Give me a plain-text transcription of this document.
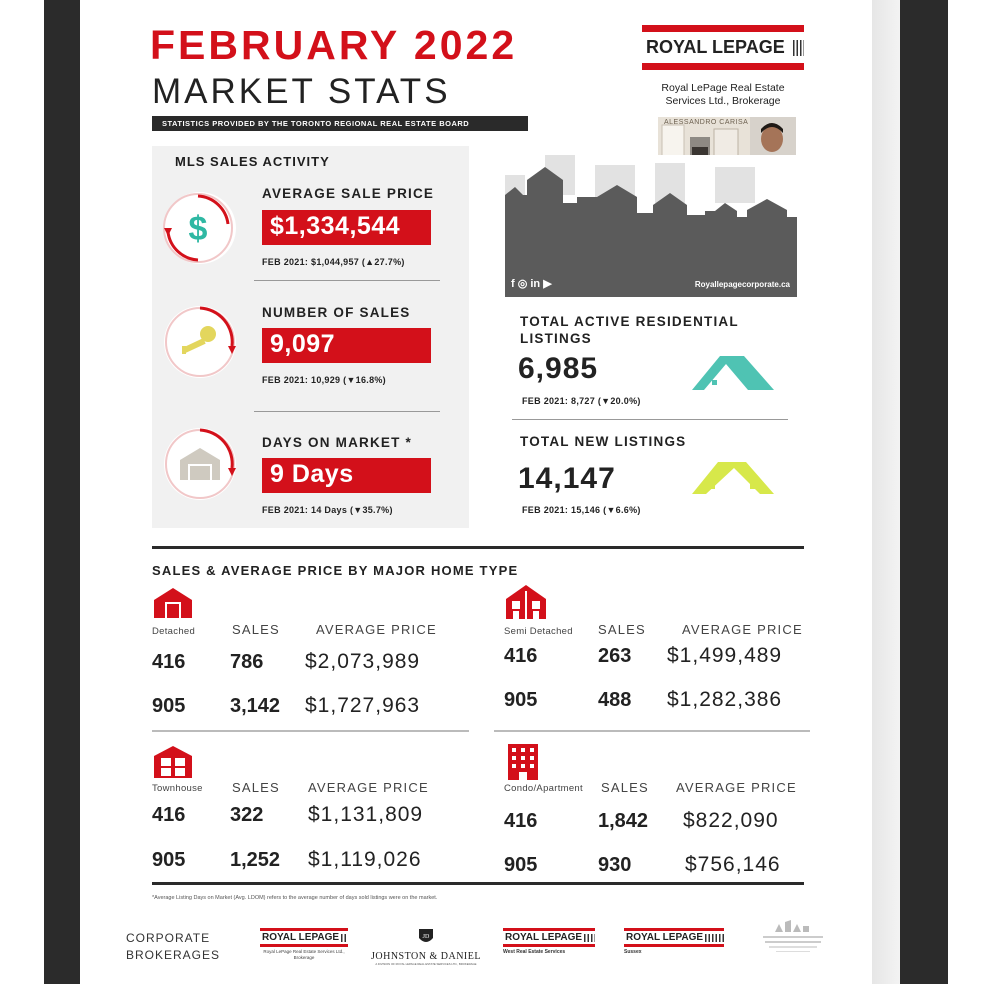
FEBRUARY 2022
MARKET STATS
STATISTICS PROVIDED BY THE TORONTO REGIONAL REAL ESTATE BOARD
ROYAL LEPAGE
Royal LePage Real Estate
Services Ltd., Brokerage
ALESSANDRO CARISA
f ◎ in ▶	Royallepagecorporate.ca
MLS SALES ACTIVITY
$
AVERAGE SALE PRICE
$1,334,544
FEB 2021: $1,044,957 (▲27.7%)
NUMBER OF SALES
9,097
FEB 2021: 10,929 (▼16.8%)
DAYS ON MARKET *
9 Days
FEB 2021: 14 Days (▼35.7%)
TOTAL ACTIVE RESIDENTIAL
LISTINGS
6,985
FEB 2021: 8,727 (▼20.0%)
TOTAL NEW LISTINGS
14,147
FEB 2021: 15,146 (▼6.6%)
SALES & AVERAGE PRICE BY MAJOR HOME TYPE
Detached	SALES	AVERAGE PRICE
416 786 $2,073,989
905 3,142 $1,727,963
Semi Detached SALES	AVERAGE PRICE
416	263 $1,499,489
905	488 $1,282,386
Townhouse SALES AVERAGE PRICE
416 322 $1,131,809
905 1,252 $1,119,026
Condo/Apartment SALES AVERAGE PRICE
416	1,842 $822,090
905	930	$756,146
*Average Listing Days on Market (Avg. LDOM) refers to the average number of days sold listings were on the market.
CORPORATE
BROKERAGES
ROYAL LEPAGE
Royal LePage Real Estate Services Ltd., Brokerage
JD
JOHNSTON & DANIEL
A DIVISION OF ROYAL LEPAGE REAL ESTATE SERVICES LTD., BROKERAGE
ROYAL LEPAGE
West Real Estate Services
ROYAL LEPAGE
Sussex
